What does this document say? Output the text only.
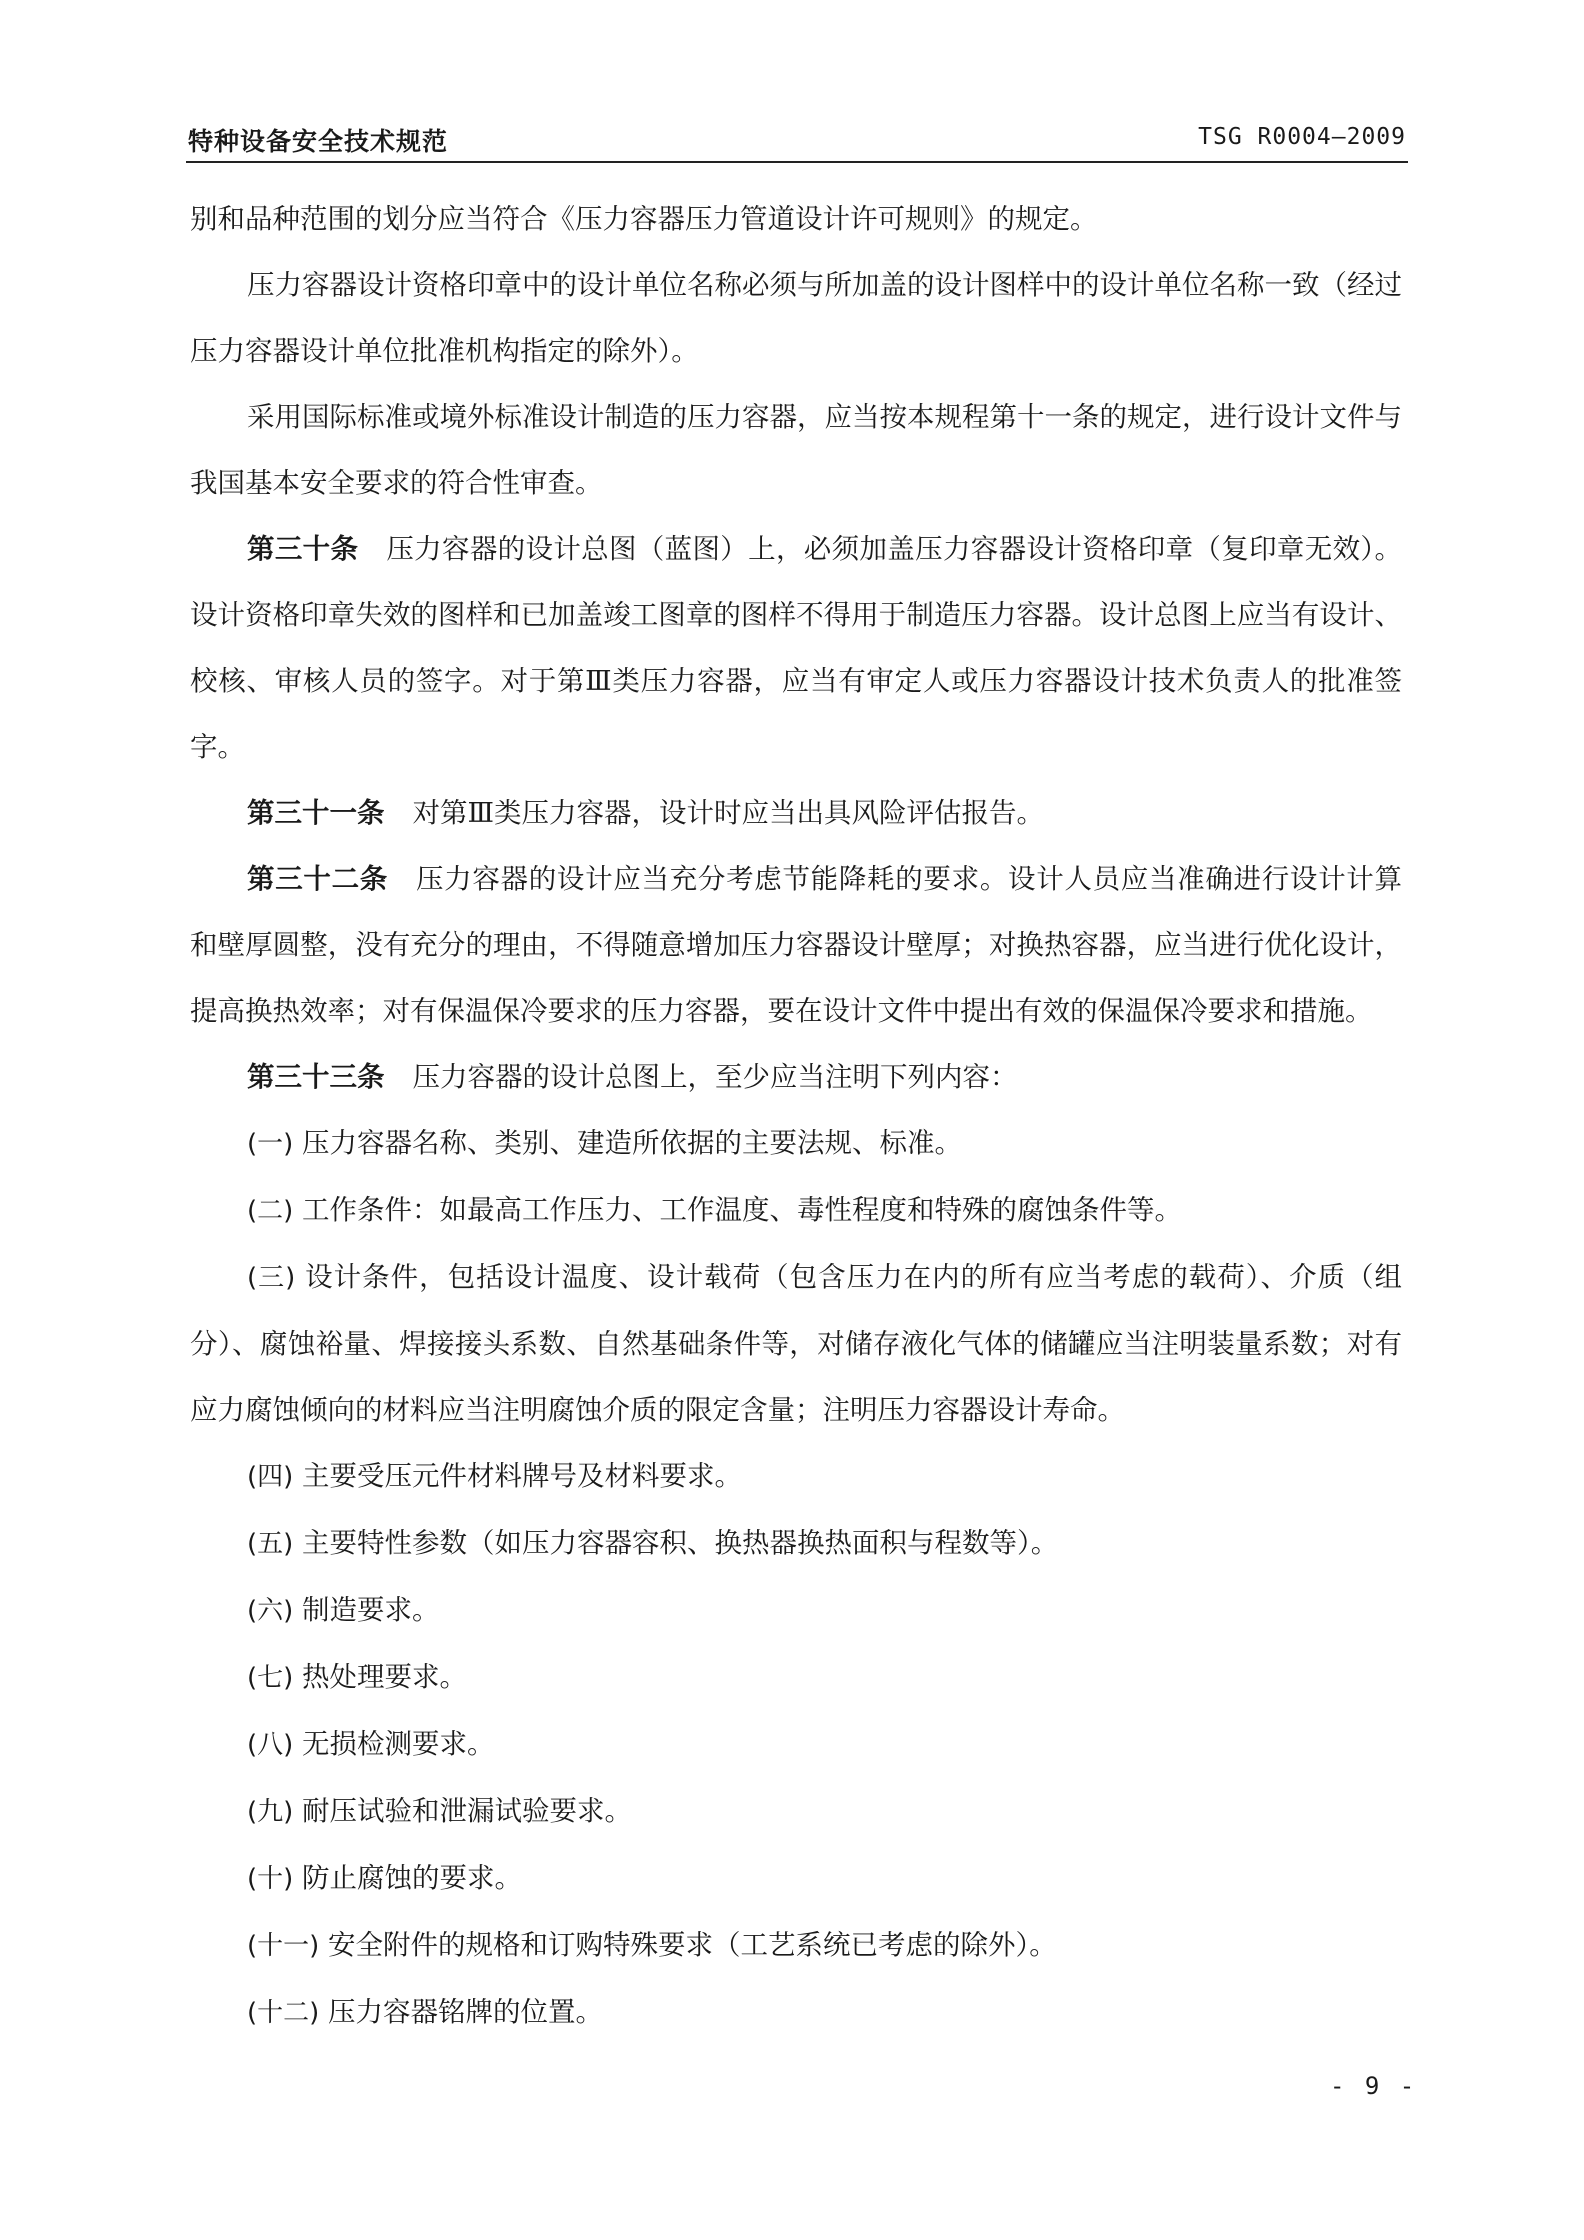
特种设备安全技术规范	TSG R0004—2009

别和品种范围的划分应当符合《压力容器压力管道设计许可规则》的规定。

压力容器设计资格印章中的设计单位名称必须与所加盖的设计图样中的设计单位名称一致（经过压力容器设计单位批准机构指定的除外）。

采用国际标准或境外标准设计制造的压力容器，应当按本规程第十一条的规定，进行设计文件与我国基本安全要求的符合性审查。

第三十条 压力容器的设计总图（蓝图）上，必须加盖压力容器设计资格印章（复印章无效）。设计资格印章失效的图样和已加盖竣工图章的图样不得用于制造压力容器。设计总图上应当有设计、校核、审核人员的签字。对于第Ⅲ类压力容器，应当有审定人或压力容器设计技术负责人的批准签字。

第三十一条 对第Ⅲ类压力容器，设计时应当出具风险评估报告。

第三十二条 压力容器的设计应当充分考虑节能降耗的要求。设计人员应当准确进行设计计算和壁厚圆整，没有充分的理由，不得随意增加压力容器设计壁厚；对换热容器，应当进行优化设计，提高换热效率；对有保温保冷要求的压力容器，要在设计文件中提出有效的保温保冷要求和措施。

第三十三条 压力容器的设计总图上，至少应当注明下列内容：

(一) 压力容器名称、类别、建造所依据的主要法规、标准。

(二) 工作条件：如最高工作压力、工作温度、毒性程度和特殊的腐蚀条件等。

(三) 设计条件，包括设计温度、设计载荷（包含压力在内的所有应当考虑的载荷）、介质（组分）、腐蚀裕量、焊接接头系数、自然基础条件等，对储存液化气体的储罐应当注明装量系数；对有应力腐蚀倾向的材料应当注明腐蚀介质的限定含量；注明压力容器设计寿命。

(四) 主要受压元件材料牌号及材料要求。

(五) 主要特性参数（如压力容器容积、换热器换热面积与程数等）。

(六) 制造要求。

(七) 热处理要求。

(八) 无损检测要求。

(九) 耐压试验和泄漏试验要求。

(十) 防止腐蚀的要求。

(十一) 安全附件的规格和订购特殊要求（工艺系统已考虑的除外）。

(十二) 压力容器铭牌的位置。

- 9 -
